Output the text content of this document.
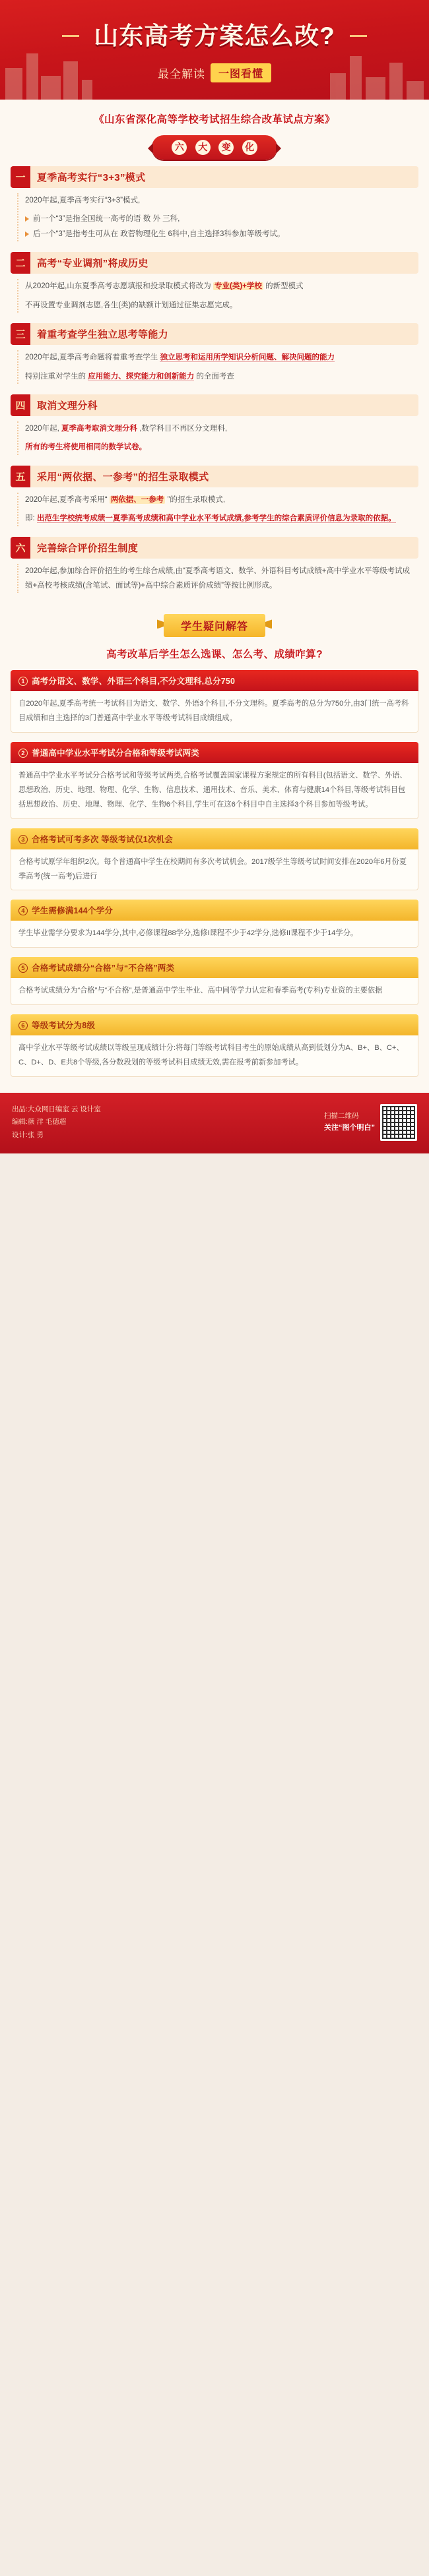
山东高考方案怎么改?
最全解读	一图看懂
《山东省深化高等学校考试招生综合改革试点方案》
六 大 变 化
一	夏季高考实行“3+3”模式

2020年起,夏季高考实行“3+3”模式,

前一个“3”是指全国统一高考的语 数 外 三科,
后一个“3”是指考生可从在 政菅物理化生 6科中,自主选择3科参加等级考试。
二	高考“专业调剂”将成历史

从2020年起,山东夏季高考志愿填报和投录取模式将改为 专业(类)+学校 的新型模式

不再设置专业调剂志愿,各生(类)的缺额计划通过征集志愿完成。

三	着重考查学生独立思考等能力

2020年起,夏季高考命题将着重考查学生 独立思考和运用所学知识分析问题、解决问题的能力

特别注重对学生的 应用能力、探究能力和创新能力 的全面考查

四	取消文理分科

2020年起, 夏季高考取消文理分科 ,数学科目不再区分文理科,

所有的考生将使用相同的数学试卷。

五	采用“两依据、一参考”的招生录取模式

2020年起,夏季高考采用“ 两依据、一参考 ”的招生录取模式,

即: 出范生学校统考成绩一夏季高考成绩和高中学业水平考试成绩,参考学生的综合素质评价信息为录取的依据。

六	完善综合评价招生制度

2020年起,参加综合评价招生的考生综合成绩,由“夏季高考语文、数学、外语科目考试成绩+高中学业水平等级考试成绩+高校考核成绩(含笔试、面试等)+高中综合素质评价成绩”等按比例形成。

学生疑问解答
高考改革后学生怎么选课、怎么考、成绩咋算?
1 高考分语文、数学、外语三个科目,不分文理科,总分750

自2020年起,夏季高考统一考试科目为语文、数学、外语3个科目,不分文理科。夏季高考的总分为750分,由3门统一高考科目成绩和自主选择的3门普通高中学业水平等级考试科目成绩组成。

2 普通高中学业水平考试分合格和等级考试两类

普通高中学业水平考试分合格考试和等级考试两类,合格考试覆盖国家课程方案规定的所有科目(包括语文、数学、外语、思想政治、历史、地理、物理、化学、生物、信息技术、通用技术、音乐、美术、体育与健康14个科目,等级考试科目包括思想政治、历史、地理、物理、化学、生物6个科目,学生可在这6个科目中自主选择3个科目参加等级考试。

3 合格考试可考多次 等级考试仅1次机会

合格考试原学年组织2次。每个普通高中学生在校期间有多次考试机会。2017级学生等级考试时间安排在2020年6月份夏季高考(统一高考)后进行

4 学生需修满144个学分

学生毕业需学分要求为144学分,其中,必修课程88学分,选修I课程不少于42学分,选修II课程不少于14学分。

5 合格考试成绩分“合格”与“不合格”两类

合格考试成绩分为“合格”与“不合格”,是普通高中学生毕业、高中同等学力认定和春季高考(专科)专业资的主要依据

6 等级考试分为8级

高中学业水平等级考试成绩以等级呈现成绩计分:将每门等级考试科目考生的原始成绩从高到低划分为A、B+、B、C+、C、D+、D、E共8个等级,各分数段划的等级考试科目成绩无效,需在报考前新参加考试。

出品:大众网日编室 云 设计室
编辑:颜 洋 毛德超
设计:张 勇
扫描二维码
关注“图个明白”
